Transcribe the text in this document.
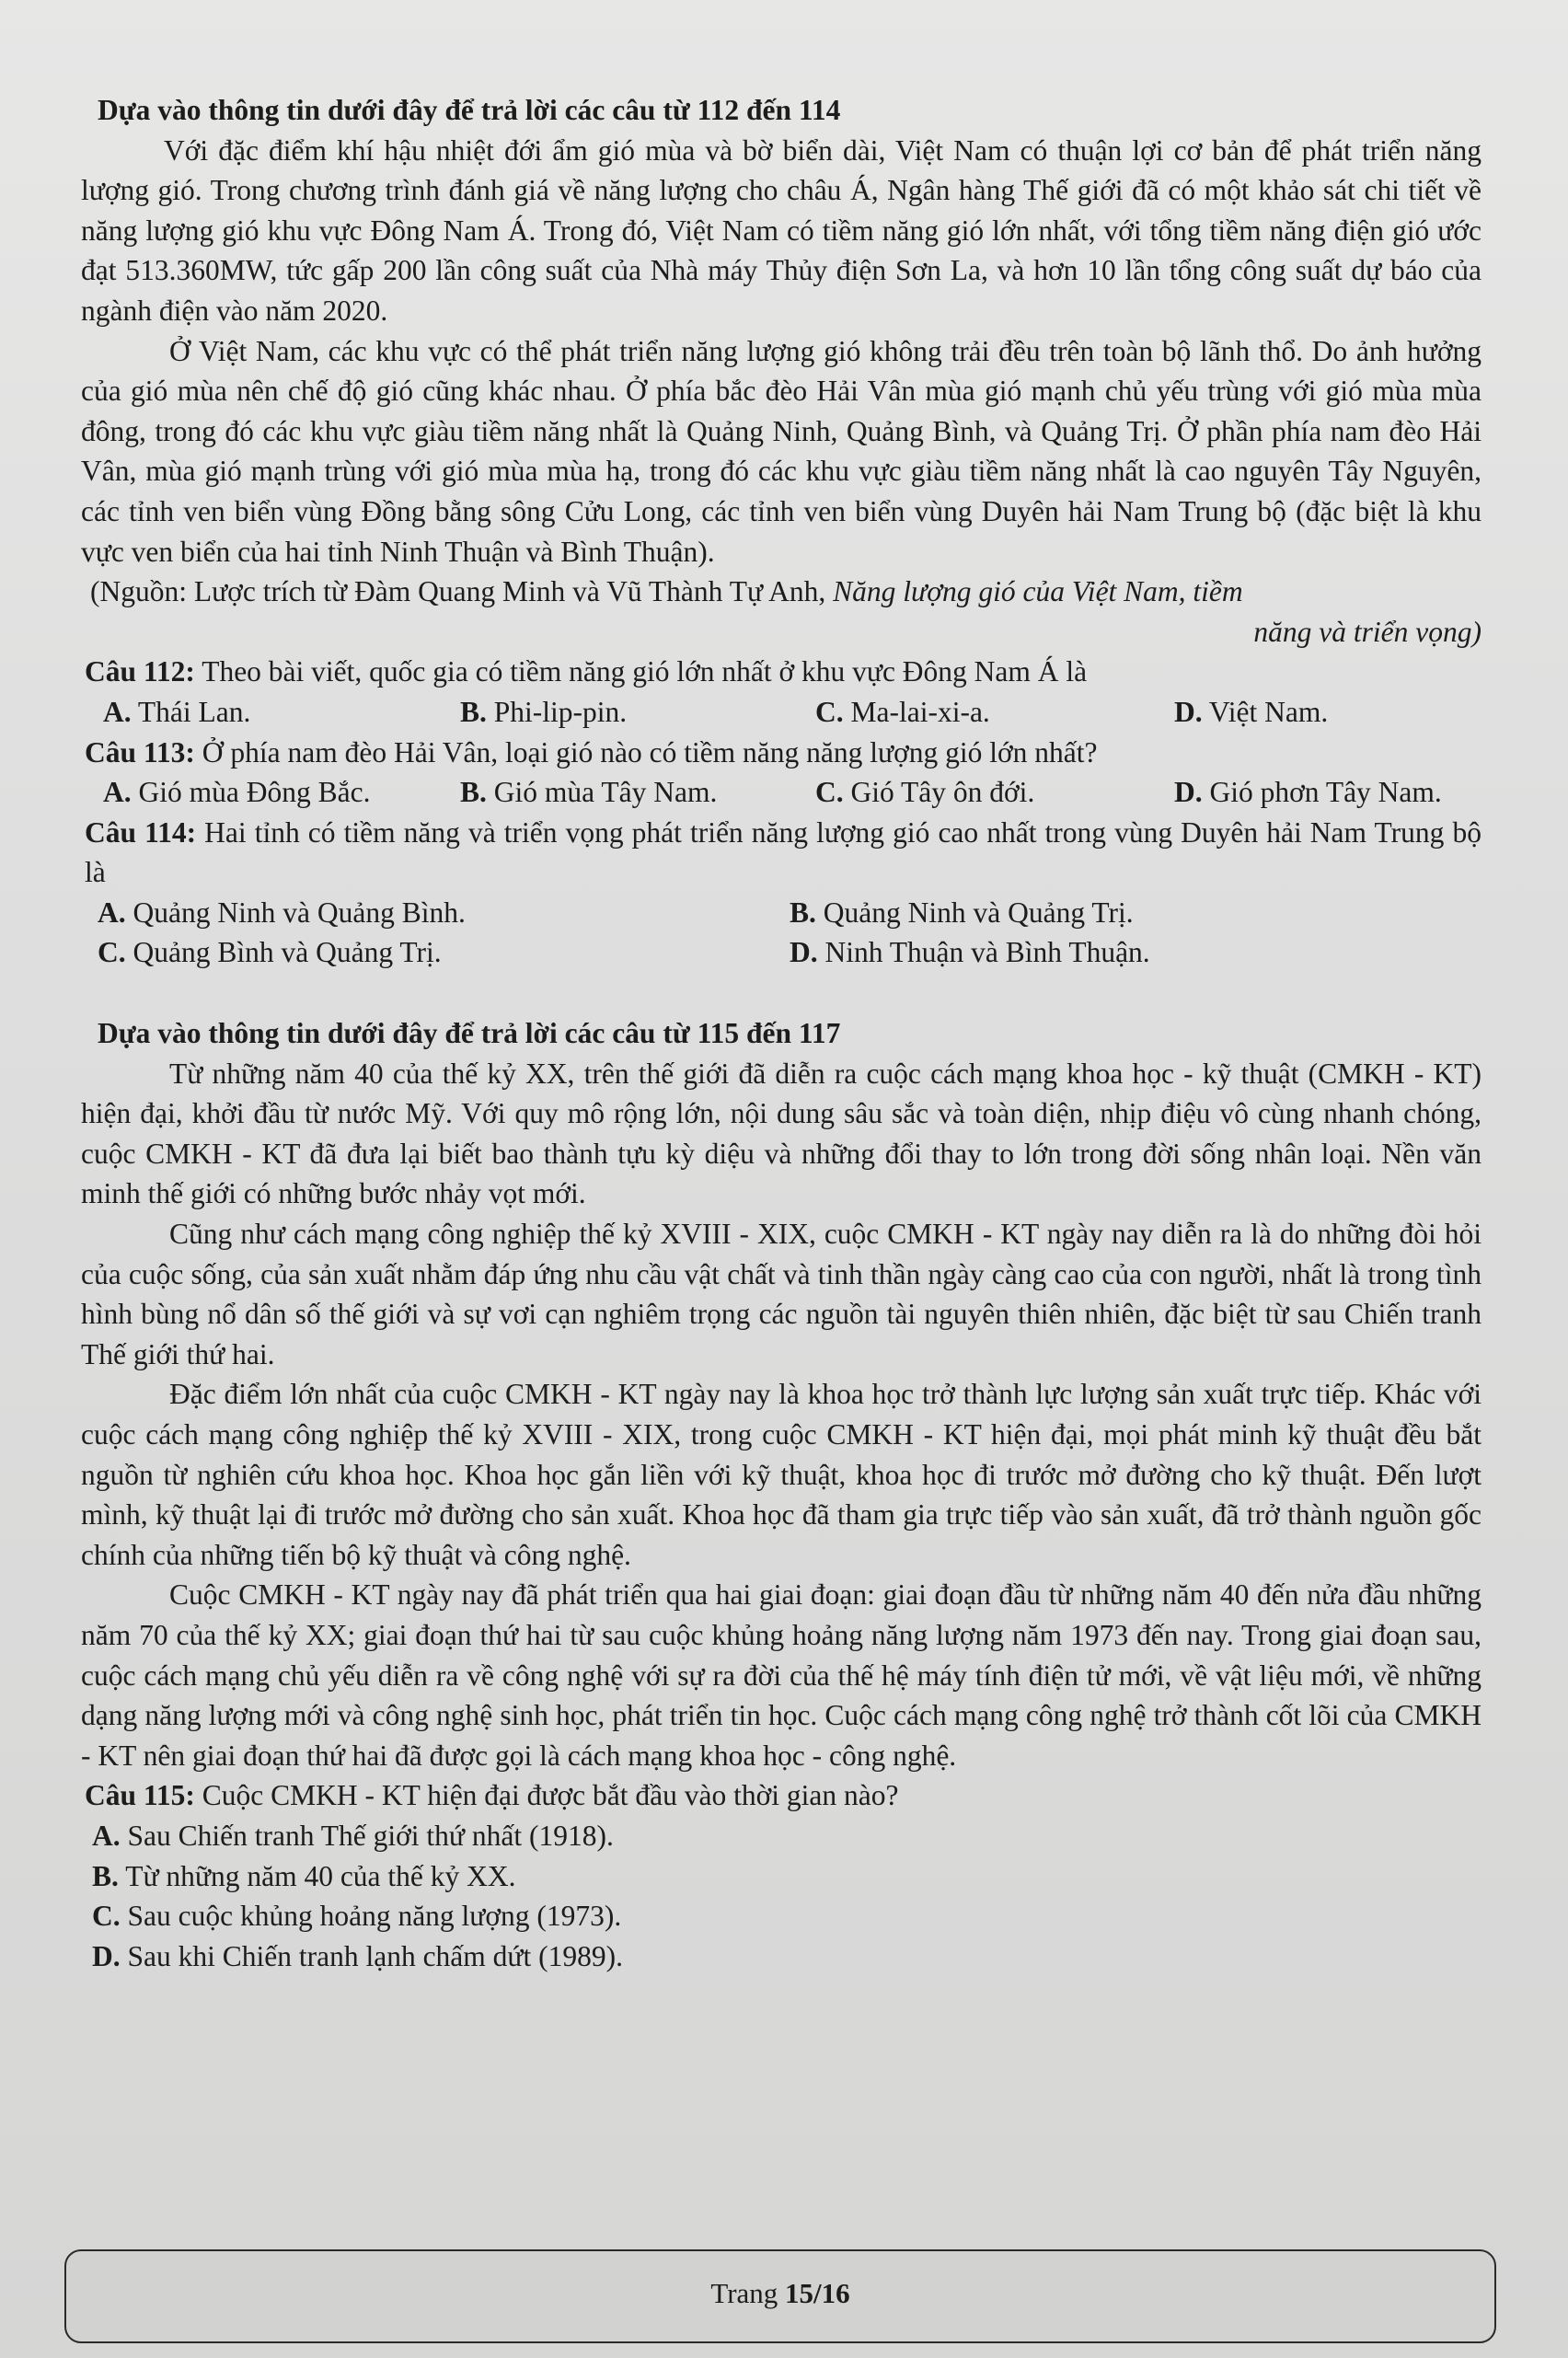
Dựa vào thông tin dưới đây để trả lời các câu từ 112 đến 114

Với đặc điểm khí hậu nhiệt đới ẩm gió mùa và bờ biển dài, Việt Nam có thuận lợi cơ bản để phát triển năng lượng gió. Trong chương trình đánh giá về năng lượng cho châu Á, Ngân hàng Thế giới đã có một khảo sát chi tiết về năng lượng gió khu vực Đông Nam Á. Trong đó, Việt Nam có tiềm năng gió lớn nhất, với tổng tiềm năng điện gió ước đạt 513.360MW, tức gấp 200 lần công suất của Nhà máy Thủy điện Sơn La, và hơn 10 lần tổng công suất dự báo của ngành điện vào năm 2020.

Ở Việt Nam, các khu vực có thể phát triển năng lượng gió không trải đều trên toàn bộ lãnh thổ. Do ảnh hưởng của gió mùa nên chế độ gió cũng khác nhau. Ở phía bắc đèo Hải Vân mùa gió mạnh chủ yếu trùng với gió mùa mùa đông, trong đó các khu vực giàu tiềm năng nhất là Quảng Ninh, Quảng Bình, và Quảng Trị. Ở phần phía nam đèo Hải Vân, mùa gió mạnh trùng với gió mùa mùa hạ, trong đó các khu vực giàu tiềm năng nhất là cao nguyên Tây Nguyên, các tỉnh ven biển vùng Đồng bằng sông Cửu Long, các tỉnh ven biển vùng Duyên hải Nam Trung bộ (đặc biệt là khu vực ven biển của hai tỉnh Ninh Thuận và Bình Thuận).

(Nguồn: Lược trích từ Đàm Quang Minh và Vũ Thành Tự Anh, Năng lượng gió của Việt Nam, tiềm

năng và triển vọng)

Câu 112: Theo bài viết, quốc gia có tiềm năng gió lớn nhất ở khu vực Đông Nam Á là

A. Thái Lan.	B. Phi-lip-pin.	C. Ma-lai-xi-a.	D. Việt Nam.

Câu 113: Ở phía nam đèo Hải Vân, loại gió nào có tiềm năng năng lượng gió lớn nhất?

A. Gió mùa Đông Bắc.	B. Gió mùa Tây Nam.	C. Gió Tây ôn đới.	D. Gió phơn Tây Nam.

Câu 114: Hai tỉnh có tiềm năng và triển vọng phát triển năng lượng gió cao nhất trong vùng Duyên hải Nam Trung bộ là

A. Quảng Ninh và Quảng Bình.	B. Quảng Ninh và Quảng Trị.
C. Quảng Bình và Quảng Trị.	D. Ninh Thuận và Bình Thuận.

Dựa vào thông tin dưới đây để trả lời các câu từ 115 đến 117

Từ những năm 40 của thế kỷ XX, trên thế giới đã diễn ra cuộc cách mạng khoa học - kỹ thuật (CMKH - KT) hiện đại, khởi đầu từ nước Mỹ. Với quy mô rộng lớn, nội dung sâu sắc và toàn diện, nhịp điệu vô cùng nhanh chóng, cuộc CMKH - KT đã đưa lại biết bao thành tựu kỳ diệu và những đổi thay to lớn trong đời sống nhân loại. Nền văn minh thế giới có những bước nhảy vọt mới.

Cũng như cách mạng công nghiệp thế kỷ XVIII - XIX, cuộc CMKH - KT ngày nay diễn ra là do những đòi hỏi của cuộc sống, của sản xuất nhằm đáp ứng nhu cầu vật chất và tinh thần ngày càng cao của con người, nhất là trong tình hình bùng nổ dân số thế giới và sự vơi cạn nghiêm trọng các nguồn tài nguyên thiên nhiên, đặc biệt từ sau Chiến tranh Thế giới thứ hai.

Đặc điểm lớn nhất của cuộc CMKH - KT ngày nay là khoa học trở thành lực lượng sản xuất trực tiếp. Khác với cuộc cách mạng công nghiệp thế kỷ XVIII - XIX, trong cuộc CMKH - KT hiện đại, mọi phát minh kỹ thuật đều bắt nguồn từ nghiên cứu khoa học. Khoa học gắn liền với kỹ thuật, khoa học đi trước mở đường cho kỹ thuật. Đến lượt mình, kỹ thuật lại đi trước mở đường cho sản xuất. Khoa học đã tham gia trực tiếp vào sản xuất, đã trở thành nguồn gốc chính của những tiến bộ kỹ thuật và công nghệ.

Cuộc CMKH - KT ngày nay đã phát triển qua hai giai đoạn: giai đoạn đầu từ những năm 40 đến nửa đầu những năm 70 của thế kỷ XX; giai đoạn thứ hai từ sau cuộc khủng hoảng năng lượng năm 1973 đến nay. Trong giai đoạn sau, cuộc cách mạng chủ yếu diễn ra về công nghệ với sự ra đời của thế hệ máy tính điện tử mới, về vật liệu mới, về những dạng năng lượng mới và công nghệ sinh học, phát triển tin học. Cuộc cách mạng công nghệ trở thành cốt lõi của CMKH - KT nên giai đoạn thứ hai đã được gọi là cách mạng khoa học - công nghệ.

Câu 115: Cuộc CMKH - KT hiện đại được bắt đầu vào thời gian nào?

A. Sau Chiến tranh Thế giới thứ nhất (1918).
B. Từ những năm 40 của thế kỷ XX.
C. Sau cuộc khủng hoảng năng lượng (1973).
D. Sau khi Chiến tranh lạnh chấm dứt (1989).
Trang 15/16
